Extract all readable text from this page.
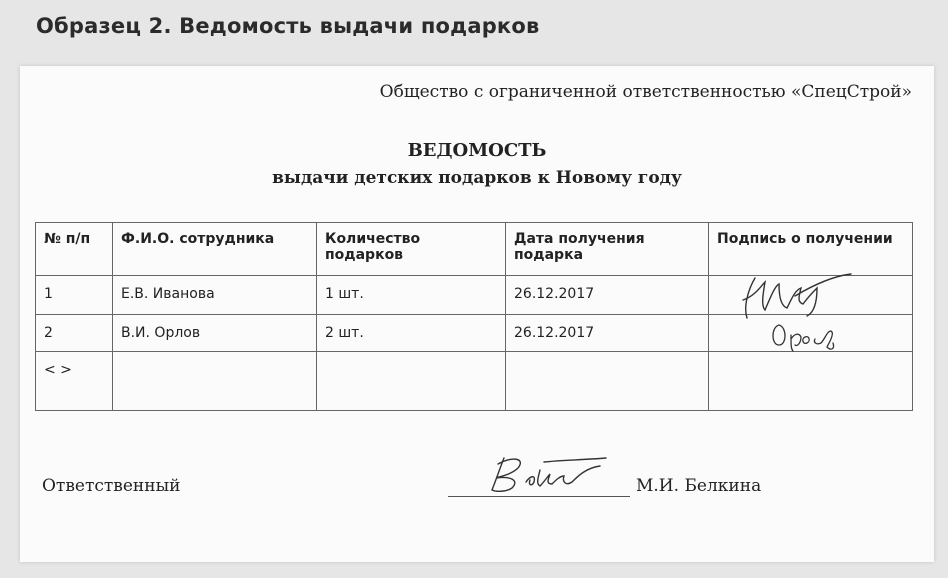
Образец 2. Ведомость выдачи подарков
Общество с ограниченной ответственностью «СпецСтрой»
ВЕДОМОСТЬ
выдачи детских подарков к Новому году
№ п/п	Ф.И.О. сотрудника	Количество подарков	Дата получения подарка	Подпись о получении
1	Е.В. Иванова	1 шт.	26.12.2017	

2	В.И. Орлов	2 шт.	26.12.2017	

< >				
Ответственный	М.И. Белкина
